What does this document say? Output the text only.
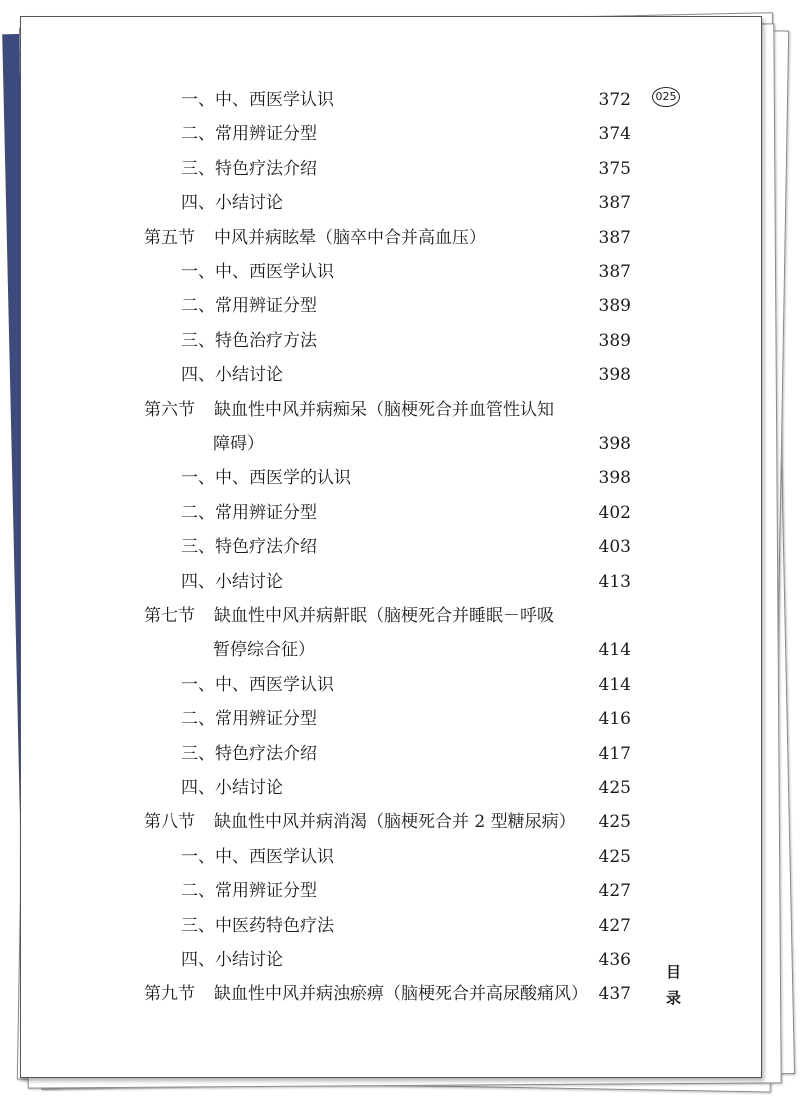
025
一、中、西医学认识	372
二、常用辨证分型	374
三、特色疗法介绍	375
四、小结讨论	387
第五节 中风并病眩晕（脑卒中合并高血压）	387
一、中、西医学认识	387
二、常用辨证分型	389
三、特色治疗方法	389
四、小结讨论	398
第六节 缺血性中风并病痴呆（脑梗死合并血管性认知
障碍）	398
一、中、西医学的认识	398
二、常用辨证分型	402
三、特色疗法介绍	403
四、小结讨论	413
第七节 缺血性中风并病鼾眠（脑梗死合并睡眠－呼吸
暂停综合征）	414
一、中、西医学认识	414
二、常用辨证分型	416
三、特色疗法介绍	417
四、小结讨论	425
第八节 缺血性中风并病消渴（脑梗死合并 2 型糖尿病） 425
一、中、西医学认识	425
二、常用辨证分型	427
三、中医药特色疗法	427
四、小结讨论	436
第九节 缺血性中风并病浊瘀痹（脑梗死合并高尿酸痛风） 437
目
录
